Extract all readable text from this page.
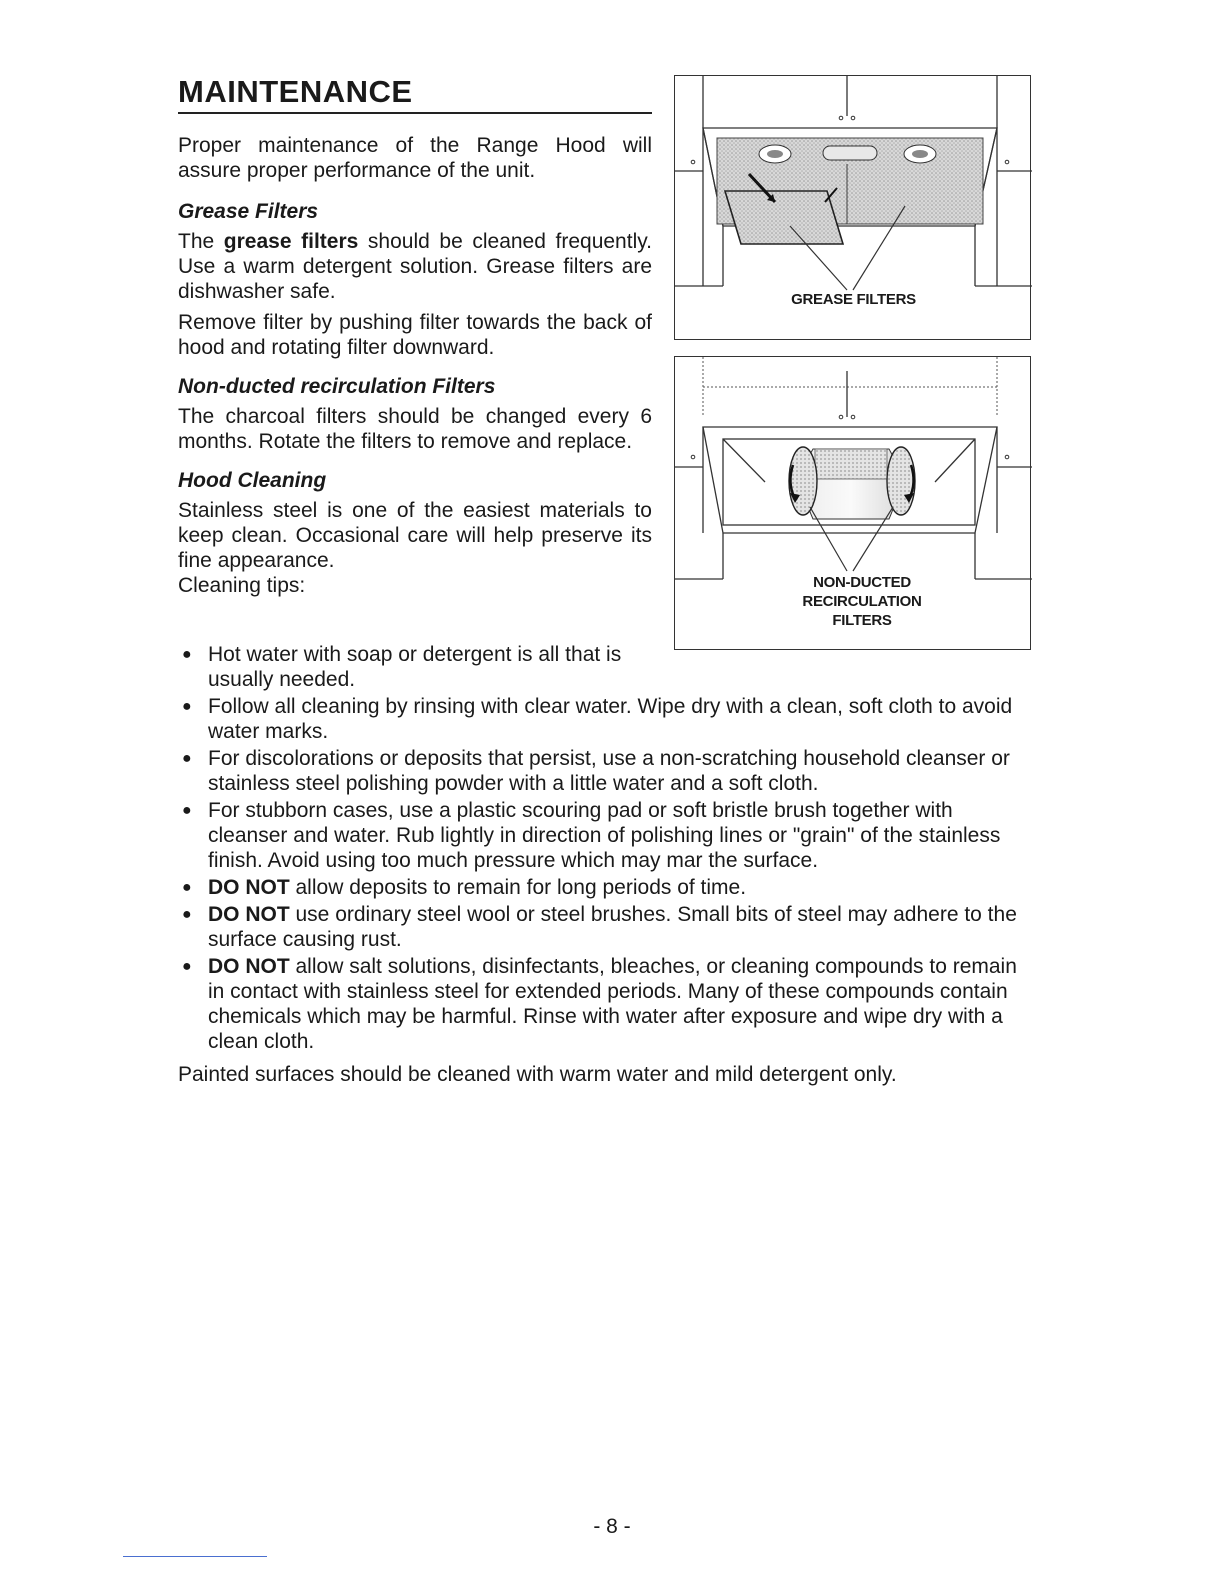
MAINTENANCE

Proper maintenance of the Range Hood will assure proper performance of the unit.

Grease Filters

The grease filters should be cleaned frequently. Use a warm detergent solution. Grease filters are dishwasher safe.

Remove filter by pushing filter towards the back of hood and rotating filter downward.

Non-ducted recirculation Filters

The charcoal filters should be changed every 6 months. Rotate the filters to remove and replace.

Hood Cleaning

Stainless steel is one of the easiest materials to keep clean. Occasional care will help preserve its fine appearance.

Cleaning tips:

● Hot water with soap or detergent is all that is usually needed.
● Follow all cleaning by rinsing with clear water. Wipe dry with a clean, soft cloth to avoid water marks.
● For discolorations or deposits that persist, use a non-scratching household cleanser or stainless steel polishing powder with a little water and a soft cloth.
● For stubborn cases, use a plastic scouring pad or soft bristle brush together with cleanser and water. Rub lightly in direction of polishing lines or "grain" of the stainless finish. Avoid using too much pressure which may mar the surface.
● DO NOT allow deposits to remain for long periods of time.
● DO NOT use ordinary steel wool or steel brushes. Small bits of steel may adhere to the surface causing rust.
● DO NOT allow salt solutions, disinfectants, bleaches, or cleaning compounds to remain in contact with stainless steel for extended periods. Many of these compounds contain chemicals which may be harmful. Rinse with water after exposure and wipe dry with a clean cloth.

Painted surfaces should be cleaned with warm water and mild detergent only.

GREASE FILTERS
NON-DUCTED
RECIRCULATION
FILTERS
- 8 -
